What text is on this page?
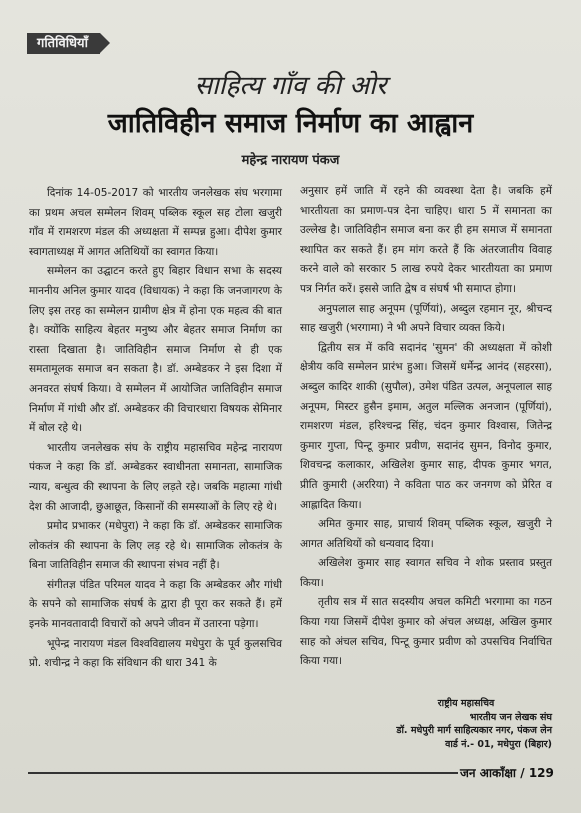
गतिविधियाँ
साहित्य गाँव की ओर
जातिविहीन समाज निर्माण का आह्वान
महेन्द्र नारायण पंकज

दिनांक 14-05-2017 को भारतीय जनलेखक संघ भरगामा का प्रथम अचल सम्मेलन शिवम् पब्लिक स्कूल सह टोला खजुरी गाँव में रामशरण मंडल की अध्यक्षता में सम्पन्न हुआ। दीपेश कुमार स्वागताध्यक्ष में आगत अतिथियों का स्वागत किया।

सम्मेलन का उद्घाटन करते हुए बिहार विधान सभा के सदस्य माननीय अनिल कुमार यादव (विधायक) ने कहा कि जनजागरण के लिए इस तरह का सम्मेलन ग्रामीण क्षेत्र में होना एक महत्व की बात है। क्योंकि साहित्य बेहतर मनुष्य और बेहतर समाज निर्माण का रास्ता दिखाता है। जातिविहीन समाज निर्माण से ही एक समतामूलक समाज बन सकता है। डॉ. अम्बेडकर ने इस दिशा में अनवरत संघर्ष किया। वे सम्मेलन में आयोजित जातिविहीन समाज निर्माण में गांधी और डॉ. अम्बेडकर की विचारधारा विषयक सेमिनार में बोल रहे थे।

भारतीय जनलेखक संघ के राष्ट्रीय महासचिव महेन्द्र नारायण पंकज ने कहा कि डॉ. अम्बेडकर स्वाधीनता समानता, सामाजिक न्याय, बन्धुत्व की स्थापना के लिए लड़ते रहे। जबकि महात्मा गांधी देश की आजादी, छुआछूत, किसानों की समस्याओं के लिए रहे थे।

प्रमोद प्रभाकर (मधेपुरा) ने कहा कि डॉ. अम्बेडकर सामाजिक लोकतंत्र की स्थापना के लिए लड़ रहे थे। सामाजिक लोकतंत्र के बिना जातिविहीन समाज की स्थापना संभव नहीं है।

संगीतज्ञ पंडित परिमल यादव ने कहा कि अम्बेडकर और गांधी के सपने को सामाजिक संघर्ष के द्वारा ही पूरा कर सकते हैं। हमें इनके मानवतावादी विचारों को अपने जीवन में उतारना पड़ेगा।

भूपेन्द्र नारायण मंडल विश्वविद्यालय मधेपुरा के पूर्व कुलसचिव प्रो. शचीन्द्र ने कहा कि संविधान की धारा 341 के

अनुसार हमें जाति में रहने की व्यवस्था देता है। जबकि हमें भारतीयता का प्रमाण-पत्र देना चाहिए। धारा 5 में समानता का उल्लेख है। जातिविहीन समाज बना कर ही हम समाज में समानता स्थापित कर सकते हैं। हम मांग करते हैं कि अंतरजातीय विवाह करने वाले को सरकार 5 लाख रुपये देकर भारतीयता का प्रमाण पत्र निर्गत करें। इससे जाति द्वेष व संघर्ष भी समाप्त होगा।

अनुपलाल साह अनूपम (पूर्णियां), अब्दुल रहमान नूर, श्रीचन्द साह खजुरी (भरगामा) ने भी अपने विचार व्यक्त किये।

द्वितीय सत्र में कवि सदानंद 'सुमन' की अध्यक्षता में कोशी क्षेत्रीय कवि सम्मेलन प्रारंभ हुआ। जिसमें धर्मेन्द्र आनंद (सहरसा), अब्दुल कादिर शाकी (सुपौल), उमेश पंडित उत्पल, अनूपलाल साह अनूपम, मिस्टर हुसैन इमाम, अतुल मल्लिक अनजान (पूर्णियां), रामशरण मंडल, हरिश्चन्द्र सिंह, चंदन कुमार विश्वास, जितेन्द्र कुमार गुप्ता, पिन्टू कुमार प्रवीण, सदानंद सुमन, विनोद कुमार, शिवचन्द्र कलाकार, अखिलेश कुमार साह, दीपक कुमार भगत, प्रीति कुमारी (अररिया) ने कविता पाठ कर जनगण को प्रेरित व आह्लादित किया।

अमित कुमार साह, प्राचार्य शिवम् पब्लिक स्कूल, खजुरी ने आगत अतिथियों को धन्यवाद दिया।

अखिलेश कुमार साह स्वागत सचिव ने शोक प्रस्ताव प्रस्तुत किया।

तृतीय सत्र में सात सदस्यीय अचल कमिटी भरगामा का गठन किया गया जिसमें दीपेश कुमार को अंचल अध्यक्ष, अखिल कुमार साह को अंचल सचिव, पिन्टू कुमार प्रवीण को उपसचिव निर्वाचित किया गया।

राष्ट्रीय महासचिव
भारतीय जन लेखक संघ
डॉ. मधेपुरी मार्ग साहित्यकार नगर, पंकज लेन
वार्ड नं.- 01, मधेपुरा (बिहार)
जन आकाँक्षा / 129
